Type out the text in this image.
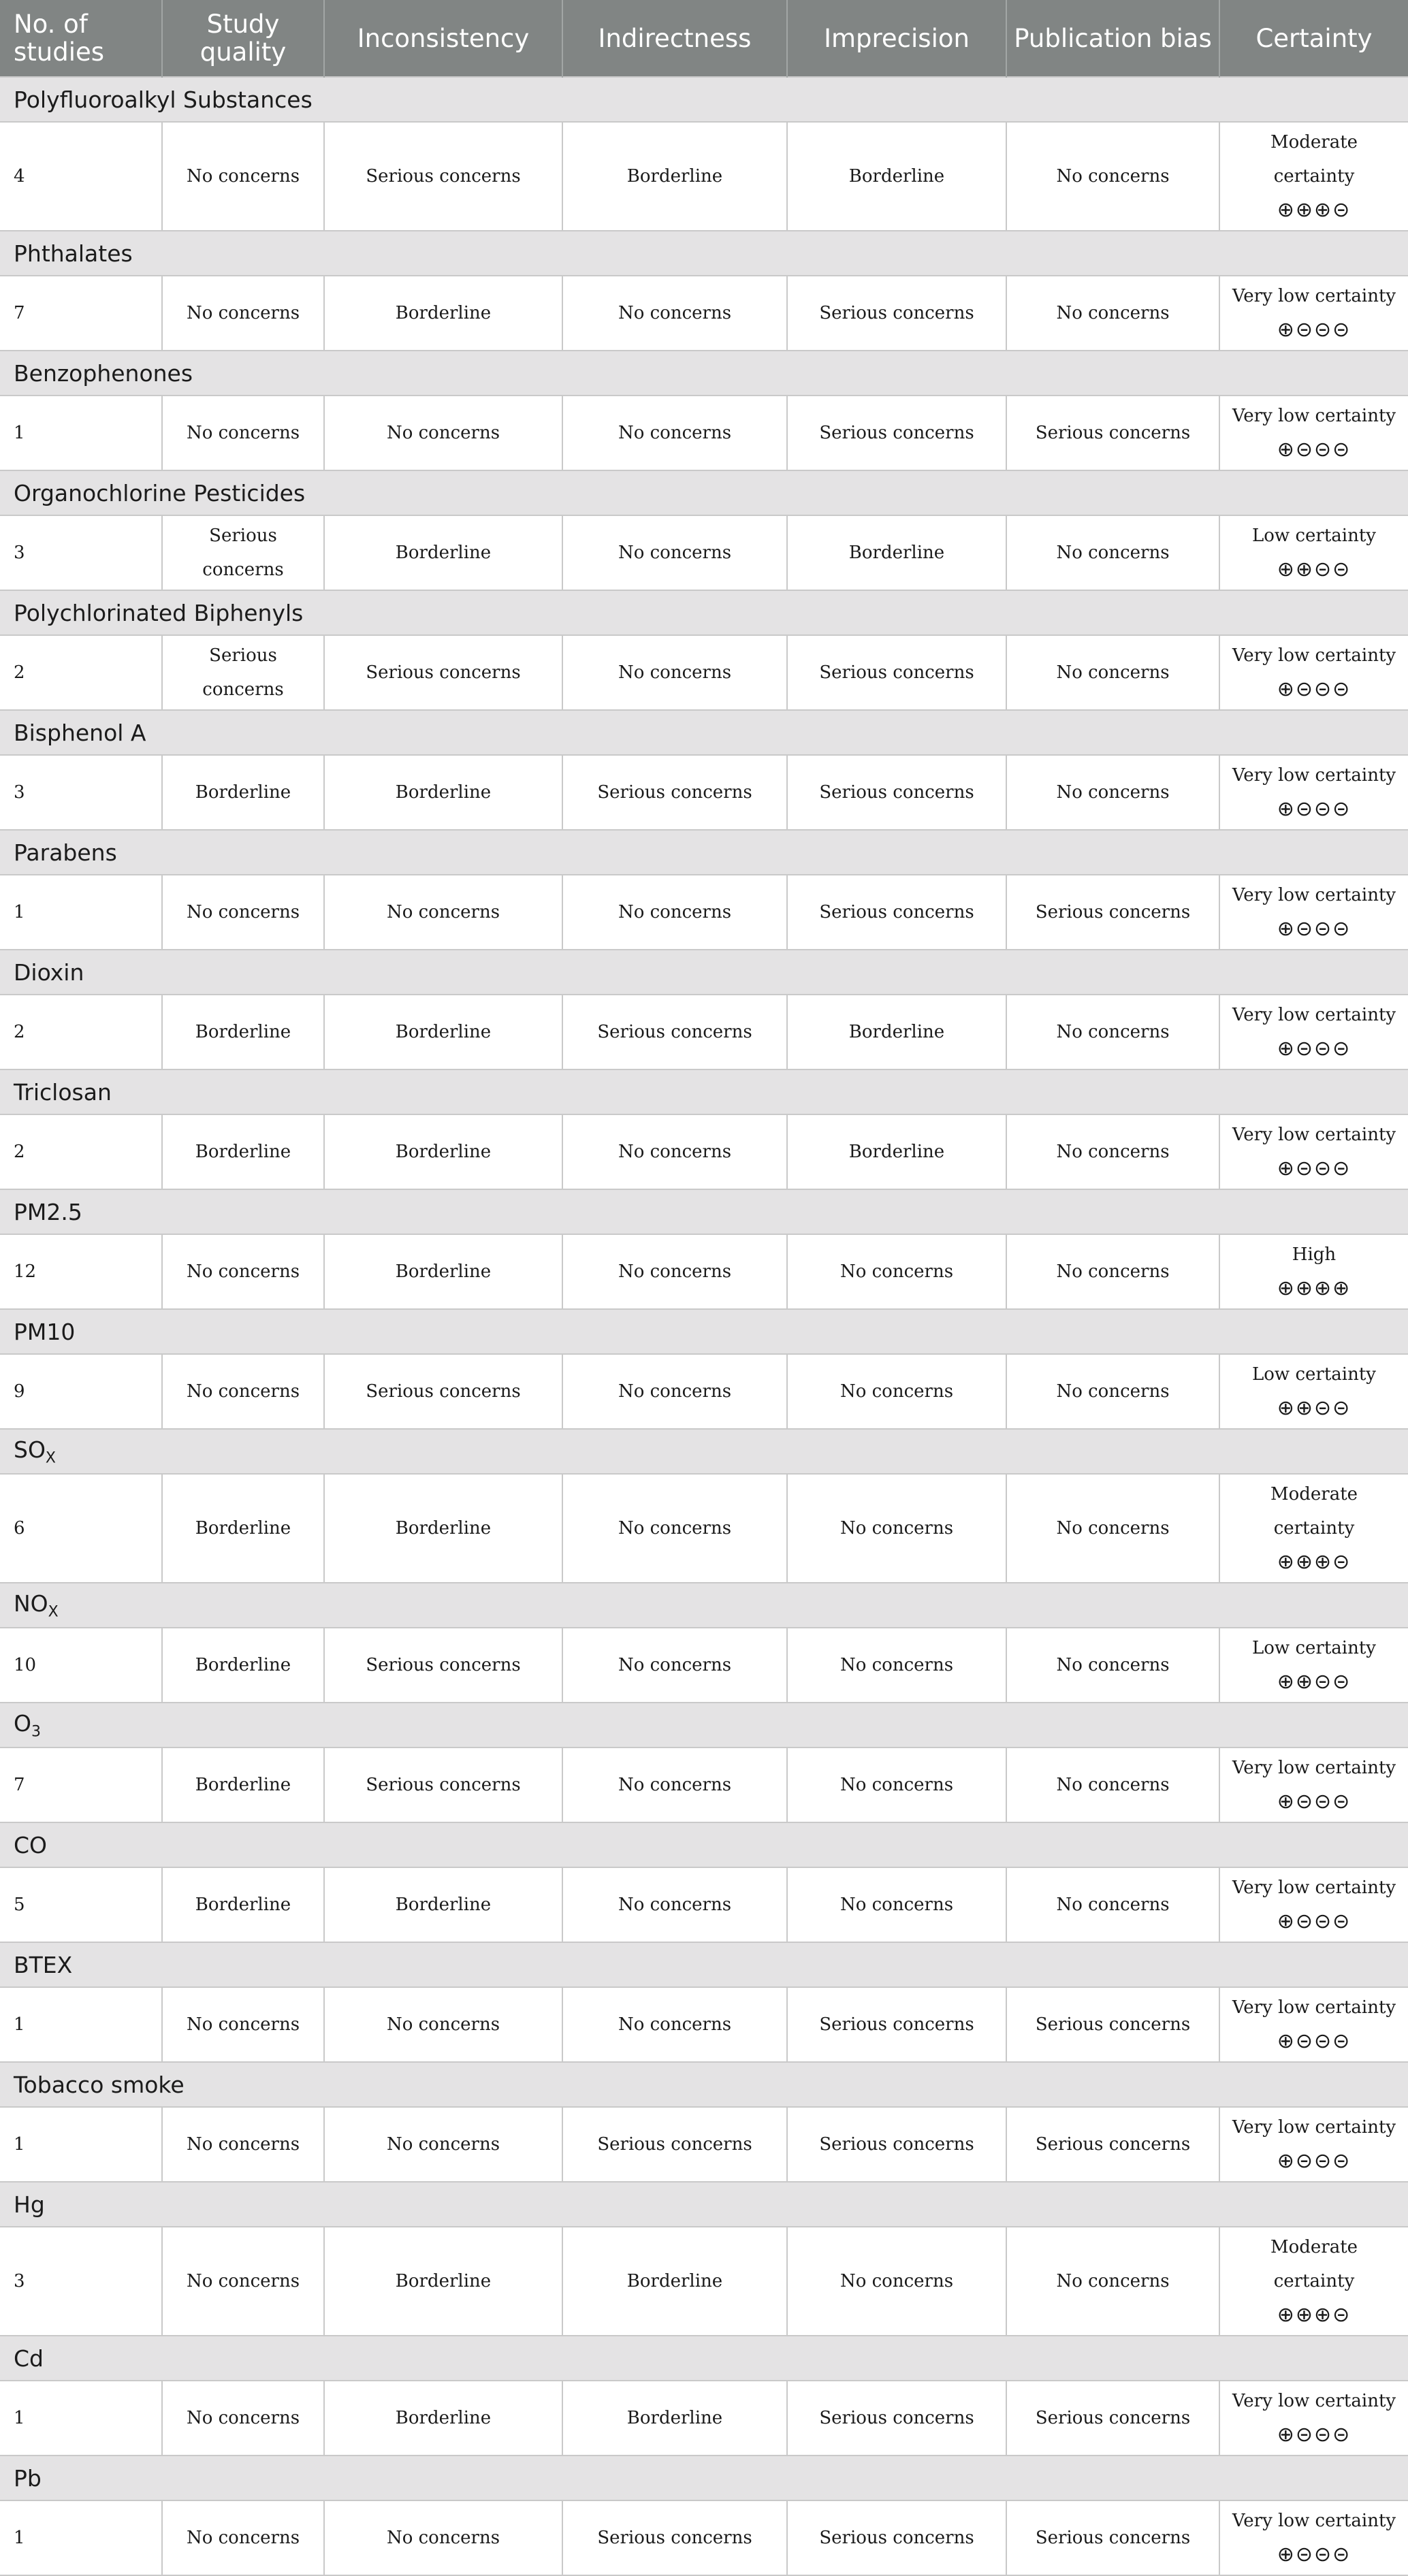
No. of studies	Study quality	Inconsistency	Indirectness	Imprecision	Publication bias	Certainty
Polyfluoroalkyl Substances						
4	No concerns	Serious concerns	Borderline	Borderline	No concerns	Moderate certainty
⊕⊕⊕⊝

Phthalates						
7	No concerns	Borderline	No concerns	Serious concerns	No concerns	Very low certainty
⊕⊝⊝⊝

Benzophenones						
1	No concerns	No concerns	No concerns	Serious concerns	Serious concerns	Very low certainty
⊕⊝⊝⊝

Organochlorine Pesticides						
3	Serious concerns	Borderline	No concerns	Borderline	No concerns	Low certainty
⊕⊕⊝⊝

Polychlorinated Biphenyls						
2	Serious concerns	Serious concerns	No concerns	Serious concerns	No concerns	Very low certainty
⊕⊝⊝⊝

Bisphenol A						
3	Borderline	Borderline	Serious concerns	Serious concerns	No concerns	Very low certainty
⊕⊝⊝⊝

Parabens						
1	No concerns	No concerns	No concerns	Serious concerns	Serious concerns	Very low certainty
⊕⊝⊝⊝

Dioxin						
2	Borderline	Borderline	Serious concerns	Borderline	No concerns	Very low certainty
⊕⊝⊝⊝

Triclosan						
2	Borderline	Borderline	No concerns	Borderline	No concerns	Very low certainty
⊕⊝⊝⊝

PM2.5						
12	No concerns	Borderline	No concerns	No concerns	No concerns	High
⊕⊕⊕⊕

PM10						
9	No concerns	Serious concerns	No concerns	No concerns	No concerns	Low certainty
⊕⊕⊝⊝

$SO_X$
6	Borderline	Borderline	No concerns	No concerns	No concerns	Moderate certainty
⊕⊕⊕⊝

$NO_X$
10	Borderline	Serious concerns	No concerns	No concerns	No concerns	Low certainty
⊕⊕⊝⊝

$O_3$
7	Borderline	Serious concerns	No concerns	No concerns	No concerns	Very low certainty
⊕⊝⊝⊝

CO						
5	Borderline	Borderline	No concerns	No concerns	No concerns	Very low certainty
⊕⊝⊝⊝

BTEX						
1	No concerns	No concerns	No concerns	Serious concerns	Serious concerns	Very low certainty
⊕⊝⊝⊝

Tobacco smoke						
1	No concerns	No concerns	Serious concerns	Serious concerns	Serious concerns	Very low certainty
⊕⊝⊝⊝

Hg						
3	No concerns	Borderline	Borderline	No concerns	No concerns	Moderate certainty
⊕⊕⊕⊝

Cd						
1	No concerns	Borderline	Borderline	Serious concerns	Serious concerns	Very low certainty
⊕⊝⊝⊝

Pb						
1	No concerns	No concerns	Serious concerns	Serious concerns	Serious concerns	Very low certainty
⊕⊝⊝⊝
